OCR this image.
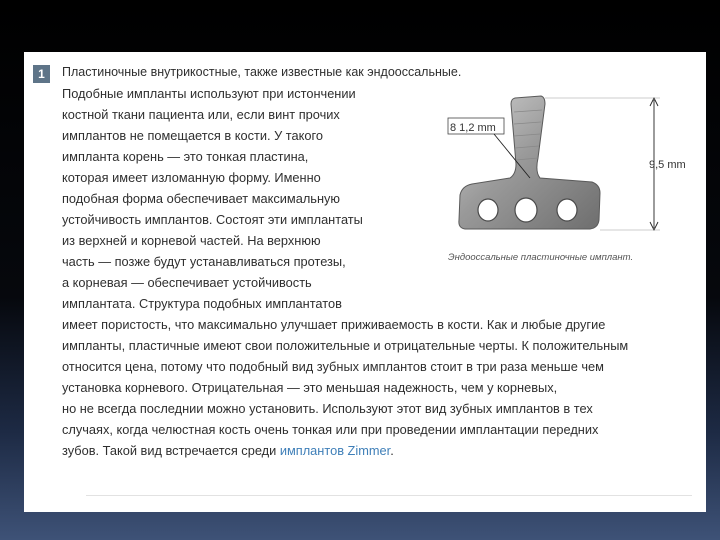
1	Пластиночные внутрикостные, также известные как эндооссальные.
Подобные импланты используют при истончении
костной ткани пациента или, если винт прочих
имплантов не помещается в кости. У такого
импланта корень — это тонкая пластина,
которая имеет изломанную форму. Именно
подобная форма обеспечивает максимальную
устойчивость имплантов. Состоят эти имплантаты
из верхней и корневой частей. На верхнюю
часть — позже будут устанавливаться протезы,
а корневая — обеспечивает устойчивость
имплантата. Структура подобных имплантатов
имеет пористость, что максимально улучшает приживаемость в кости. Как и любые другие
импланты, пластичные имеют свои положительные и отрицательные черты. К положительным
относится цена, потому что подобный вид зубных имплантов стоит в три раза меньше чем
установка корневого. Отрицательная — это меньшая надежность, чем у корневых,
но не всегда последнии можно установить. Используют этот вид зубных имплантов в тех
случаях, когда челюстная кость очень тонкая или при проведении имплантации передних
зубов. Такой вид встречается среди имплантов Zimmer.
8 1,2 mm
9,5 mm
Эндооссальные пластиночные имплант.
